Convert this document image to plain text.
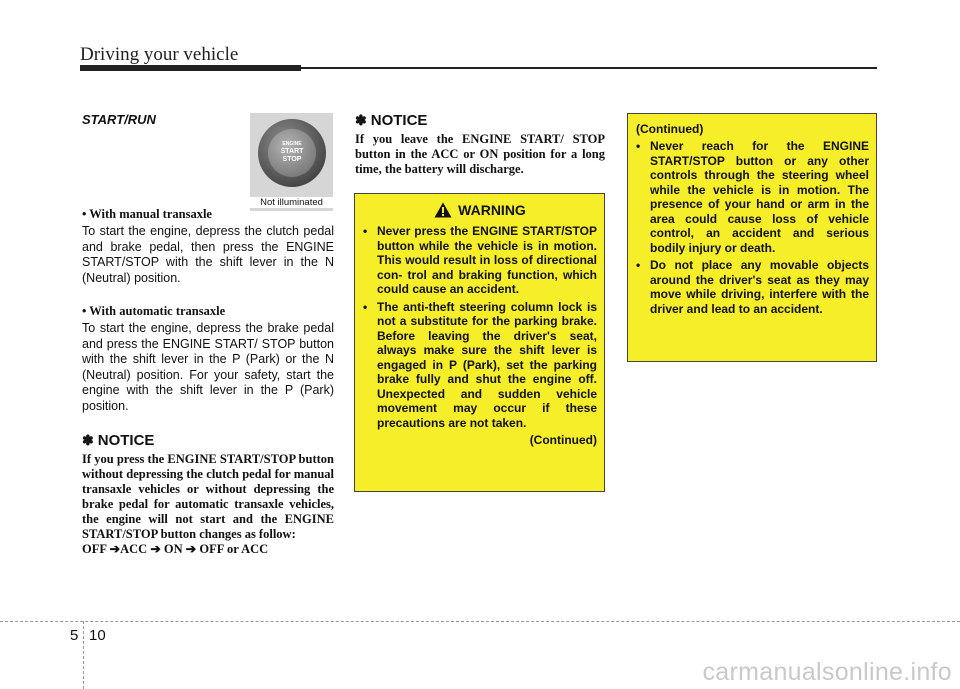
Driving your vehicle

START/RUN

• With manual transaxle

To start the engine, depress the clutch pedal and brake pedal, then press the ENGINE START/STOP with the shift lever in the N (Neutral) position.

• With automatic transaxle

To start the engine, depress the brake pedal and press the ENGINE START/ STOP button with the shift lever in the P (Park) or the N (Neutral) position. For your safety, start the engine with the shift lever in the P (Park) position.

✽ NOTICE

If you press the ENGINE START/STOP button without depressing the clutch pedal for manual transaxle vehicles or without depressing the brake pedal for automatic transaxle vehicles, the engine will not start and the ENGINE START/STOP button changes as follow:

OFF ➔ACC ➔ ON ➔ OFF or ACC

ENGINE
START
STOP
Not illuminated

✽ NOTICE

If you leave the ENGINE START/ STOP button in the ACC or ON position for a long time, the battery will discharge.

WARNING
• Never press the ENGINE START/STOP button while the vehicle is in motion. This would result in loss of directional con- trol and braking function, which could cause an accident.
• The anti-theft steering column lock is not a substitute for the parking brake. Before leaving the driver's seat, always make sure the shift lever is engaged in P (Park), set the parking brake fully and shut the engine off. Unexpected and sudden vehicle movement may occur if these precautions are not taken.
(Continued)
(Continued)
• Never reach for the ENGINE START/STOP button or any other controls through the steering wheel while the vehicle is in motion. The presence of your hand or arm in the area could cause loss of vehicle control, an accident and serious bodily injury or death.
• Do not place any movable objects around the driver's seat as they may move while driving, interfere with the driver and lead to an accident.
5 10
carmanualsonline.info
